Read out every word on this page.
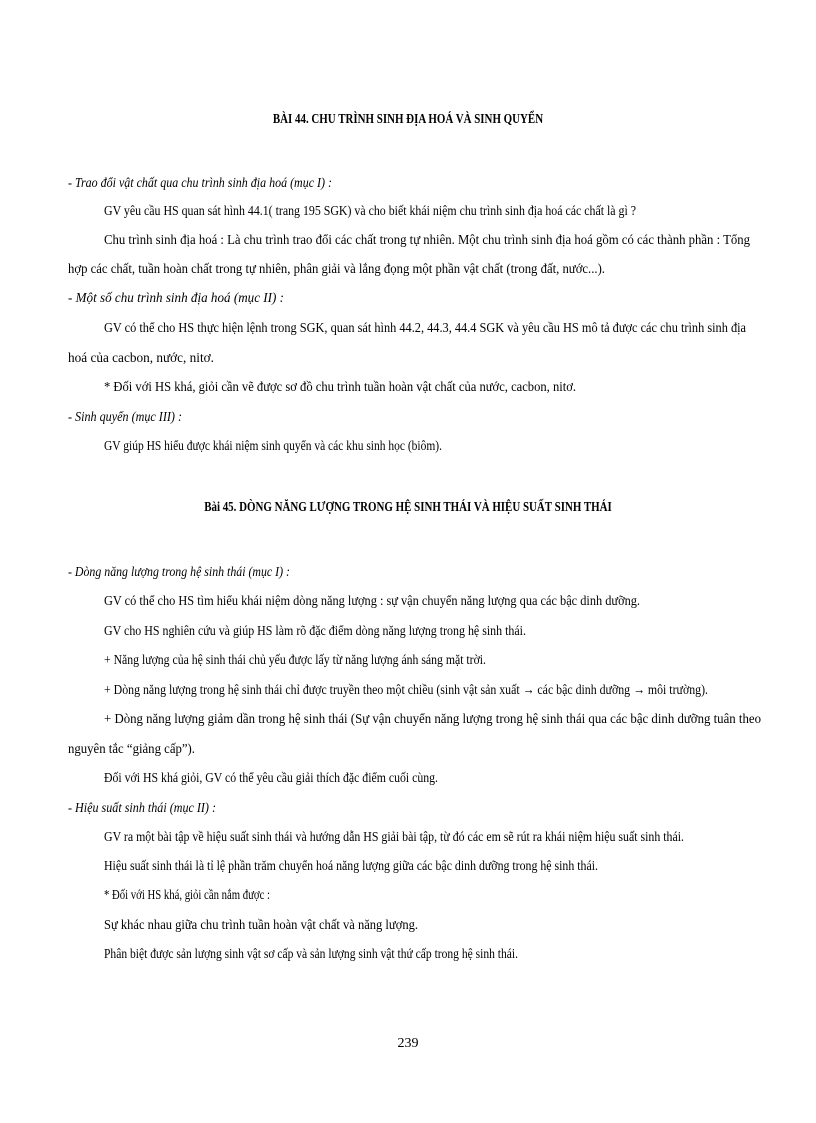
BÀI 44. CHU TRÌNH SINH ĐỊA HOÁ VÀ SINH QUYỂN

- Trao đổi vật chất qua chu trình sinh địa hoá (mục I) :

GV yêu cầu HS quan sát hình 44.1( trang 195 SGK) và cho biết khái niệm chu trình sinh địa hoá các chất là gì ?

Chu trình sinh địa hoá : Là chu trình trao đổi các chất trong tự nhiên. Một chu trình sinh địa hoá gồm có các thành phần : Tổng

hợp các chất, tuần hoàn chất trong tự nhiên, phân giải và lắng đọng một phần vật chất (trong đất, nước...).

- Một số chu trình sinh địa hoá (mục II) :

GV có thể cho HS thực hiện lệnh trong SGK, quan sát hình 44.2, 44.3, 44.4 SGK và yêu cầu HS mô tả được các chu trình sinh địa

hoá của cacbon, nước, nitơ.

* Đối với HS khá, giỏi cần vẽ được sơ đồ chu trình tuần hoàn vật chất của nước, cacbon, nitơ.

- Sinh quyển (mục III) :

GV giúp HS hiểu được khái niệm sinh quyển và các khu sinh học (biôm).

Bài 45. DÒNG NĂNG LƯỢNG TRONG HỆ SINH THÁI VÀ HIỆU SUẤT SINH THÁI

- Dòng năng lượng trong hệ sinh thái (mục I) :

GV có thể cho HS tìm hiểu khái niệm dòng năng lượng : sự vận chuyển năng lượng qua các bậc dinh dưỡng.

GV cho HS nghiên cứu và giúp HS làm rõ đặc điểm dòng năng lượng trong hệ sinh thái.

+ Năng lượng của hệ sinh thái chủ yếu được lấy từ năng lượng ánh sáng mặt trời.

+ Dòng năng lượng trong hệ sinh thái chỉ được truyền theo một chiều (sinh vật sản xuất → các bậc dinh dưỡng → môi trường).

+ Dòng năng lượng giảm dần trong hệ sinh thái (Sự vận chuyển năng lượng trong hệ sinh thái qua các bậc dinh dưỡng tuân theo

nguyên tắc “giảng cấp”).

Đối với HS khá giỏi, GV có thể yêu cầu giải thích đặc điểm cuối cùng.

- Hiệu suất sinh thái (mục II) :

GV ra một bài tập về hiệu suất sinh thái và hướng dẫn HS giải bài tập, từ đó các em sẽ rút ra khái niệm hiệu suất sinh thái.

Hiệu suất sinh thái là tỉ lệ phần trăm chuyển hoá năng lượng giữa các bậc dinh dưỡng trong hệ sinh thái.

* Đối với HS khá, giỏi cần nắm được :

Sự khác nhau giữa chu trình tuần hoàn vật chất và năng lượng.

Phân biệt được sản lượng sinh vật sơ cấp và sản lượng sinh vật thứ cấp trong hệ sinh thái.

239
